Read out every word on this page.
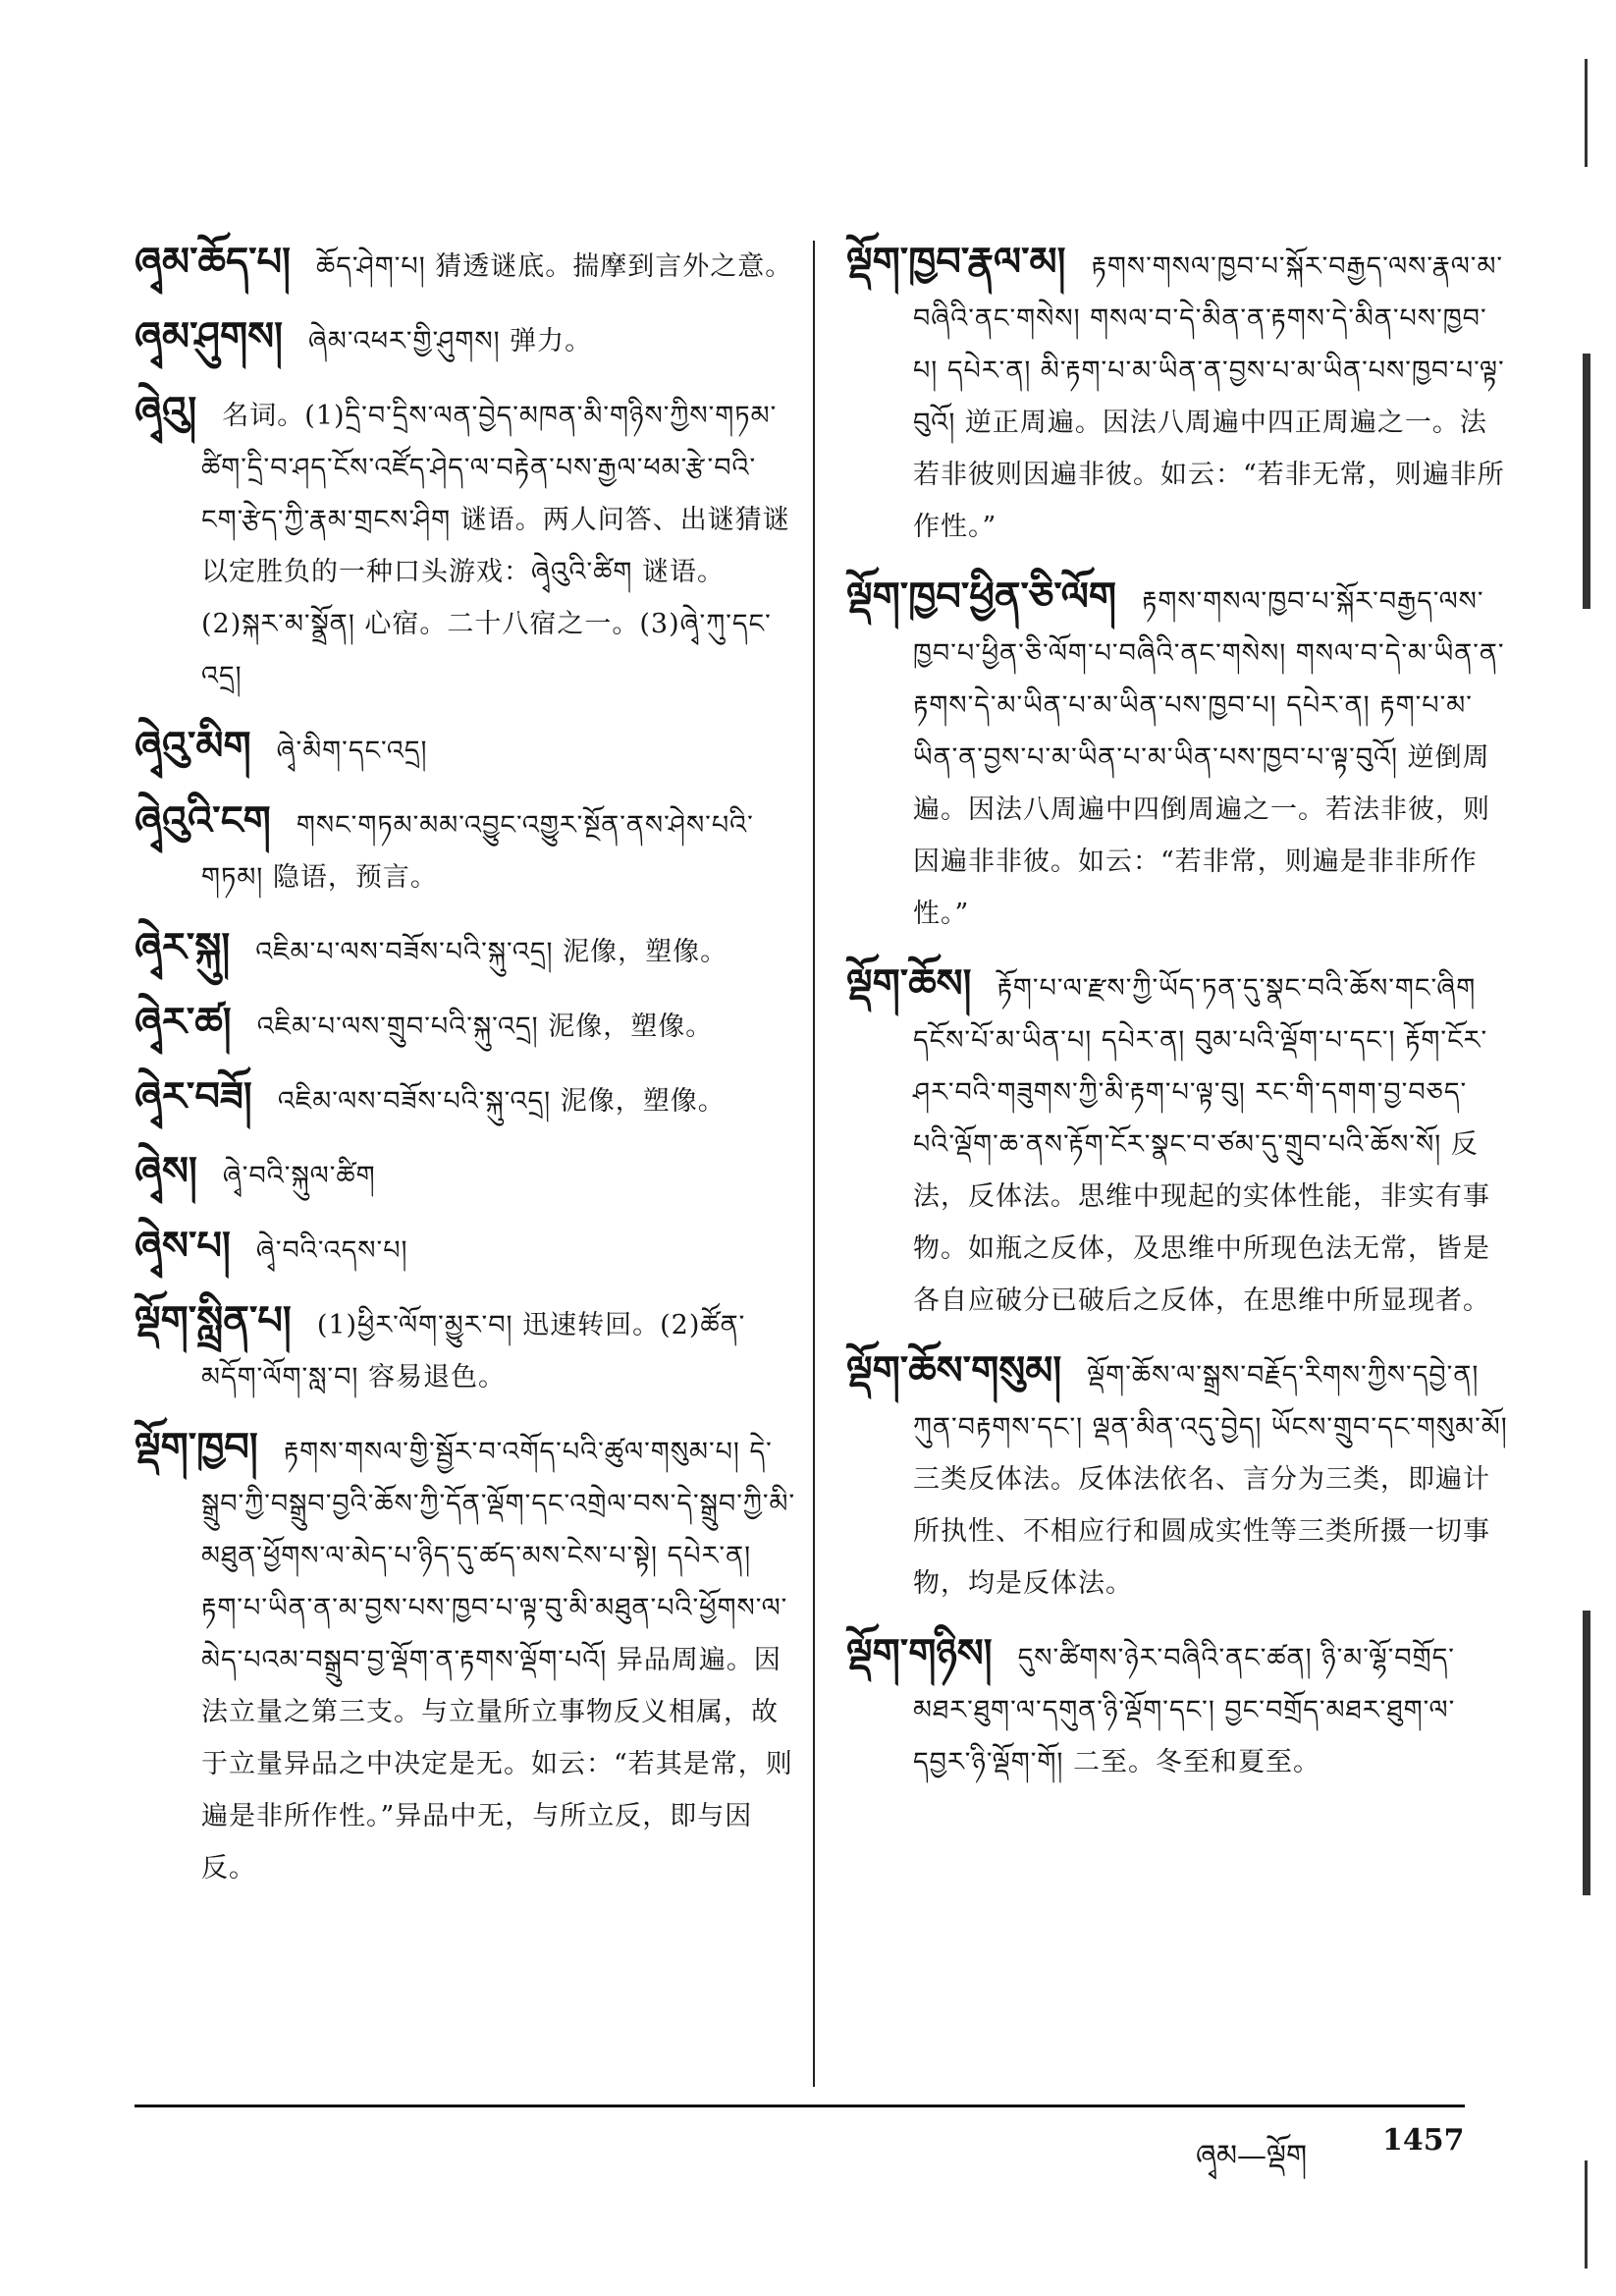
ཞྭམ་ཆོད་པ། ཆོད་ཤེག་པ། 猜透谜底。揣摩到言外之意。
ཞྭམ་ཤུགས། ཞེམ་འཕར་གྱི་ཤུགས། 弹力。
ཞྭེའུ། 名词。(1)དྲི་བ་དྲིས་ལན་བྱེད་མཁན་མི་གཉིས་ཀྱིས་གཏམ་ཚིག་དྲི་བ་ཤད་ངོས་འཛོད་ཤེད་ལ་བརྟེན་པས་རྒྱལ་ཕམ་རྩེ་བའི་ངག་རྩེད་ཀྱི་རྣམ་གྲངས་ཤིག 谜语。两人问答、出谜猜谜以定胜负的一种口头游戏：ཞྭེའུའི་ཚིག 谜语。(2)སྐར་མ་སྣྲོན། 心宿。二十八宿之一。(3)ཞྭེ་ཀུ་དང་འདྲ།
ཞྭེའུ་མིག ཞྭེ་མིག་དང་འདྲ།
ཞྭེའུའི་ངག གསང་གཏམ་མམ་འབྱུང་འགྱུར་སྔོན་ནས་ཤེས་པའི་གཏམ། 隐语，预言。
ཞྭེར་སྐུ། འཇིམ་པ་ལས་བཟོས་པའི་སྐུ་འདྲ། 泥像，塑像。
ཞྭེར་ཚ། འཇིམ་པ་ལས་གྲུབ་པའི་སྐུ་འདྲ། 泥像，塑像。
ཞྭེར་བཟོ། འཇིམ་ལས་བཟོས་པའི་སྐུ་འདྲ། 泥像，塑像。
ཞྭེས། ཞྭེ་བའི་སྐུལ་ཚིག
ཞྭེས་པ། ཞྭེ་བའི་འདས་པ།
ལྡོག་སླྲིན་པ། (1)ཕྱིར་ལོག་མྱུར་བ། 迅速转回。(2)ཚོན་མདོག་ལོག་སླ་བ། 容易退色。
ལྡོག་ཁྱབ། རྟགས་གསལ་གྱི་སྦྱོར་བ་འགོད་པའི་ཚུལ་གསུམ་པ། དེ་སྒྲུབ་ཀྱི་བསྒྲུབ་བྱའི་ཆོས་ཀྱི་དོན་ལྡོག་དང་འགྲེལ་བས་དེ་སྒྲུབ་ཀྱི་མི་མཐུན་ཕྱོགས་ལ་མེད་པ་ཉིད་དུ་ཚད་མས་ངེས་པ་སྟེ། དཔེར་ན། རྟག་པ་ཡིན་ན་མ་བྱས་པས་ཁྱབ་པ་ལྟ་བུ་མི་མཐུན་པའི་ཕྱོགས་ལ་མེད་པའམ་བསྒྲུབ་བྱ་ལྡོག་ན་རྟགས་ལྡོག་པའོ། 异品周遍。因法立量之第三支。与立量所立事物反义相属，故于立量异品之中决定是无。如云：“若其是常，则遍是非所作性。”异品中无，与所立反，即与因反。
ལྡོག་ཁྱབ་རྣལ་མ། རྟགས་གསལ་ཁྱབ་པ་སྐོར་བརྒྱད་ལས་རྣལ་མ་བཞིའི་ནང་གསེས། གསལ་བ་དེ་མིན་ན་རྟགས་དེ་མིན་པས་ཁྱབ་པ། དཔེར་ན། མི་རྟག་པ་མ་ཡིན་ན་བྱས་པ་མ་ཡིན་པས་ཁྱབ་པ་ལྟ་བུའོ། 逆正周遍。因法八周遍中四正周遍之一。法若非彼则因遍非彼。如云：“若非无常，则遍非所作性。”
ལྡོག་ཁྱབ་ཕྱིན་ཅི་ལོག རྟགས་གསལ་ཁྱབ་པ་སྐོར་བརྒྱད་ལས་ཁྱབ་པ་ཕྱིན་ཅི་ལོག་པ་བཞིའི་ནང་གསེས། གསལ་བ་དེ་མ་ཡིན་ན་རྟགས་དེ་མ་ཡིན་པ་མ་ཡིན་པས་ཁྱབ་པ། དཔེར་ན། རྟག་པ་མ་ཡིན་ན་བྱས་པ་མ་ཡིན་པ་མ་ཡིན་པས་ཁྱབ་པ་ལྟ་བུའོ། 逆倒周遍。因法八周遍中四倒周遍之一。若法非彼，则因遍非非彼。如云：“若非常，则遍是非非所作性。”
ལྡོག་ཆོས། རྟོག་པ་ལ་རྫས་ཀྱི་ཡོད་ཏན་དུ་སྣང་བའི་ཆོས་གང་ཞིག དངོས་པོ་མ་ཡིན་པ། དཔེར་ན། བུམ་པའི་ལྡོག་པ་དང་། རྟོག་ངོར་ཤར་བའི་གཟུགས་ཀྱི་མི་རྟག་པ་ལྟ་བུ། རང་གི་དགག་བྱ་བཅད་པའི་ལྡོག་ཆ་ནས་རྟོག་ངོར་སྣང་བ་ཙམ་དུ་གྲུབ་པའི་ཆོས་སོ། 反法，反体法。思维中现起的实体性能，非实有事物。如瓶之反体，及思维中所现色法无常，皆是各自应破分已破后之反体，在思维中所显现者。
ལྡོག་ཆོས་གསུམ། ལྡོག་ཆོས་ལ་སྒྲས་བརྗོད་རིགས་ཀྱིས་དབྱེ་ན། ཀུན་བརྟགས་དང་། ལྡན་མིན་འདུ་བྱེད། ཡོངས་གྲུབ་དང་གསུམ་མོ། 三类反体法。反体法依名、言分为三类，即遍计所执性、不相应行和圆成实性等三类所摄一切事物，均是反体法。
ལྡོག་གཉིས། དུས་ཚིགས་ཉེར་བཞིའི་ནང་ཚན། ཉི་མ་ལྷོ་བགྲོད་མཐར་ཐུག་ལ་དགུན་ཉི་ལྡོག་དང་། བྱང་བགྲོད་མཐར་ཐུག་ལ་དབྱར་ཉི་ལྡོག་གོ། 二至。冬至和夏至。
ཞྭམ—ལྡོག	1457
